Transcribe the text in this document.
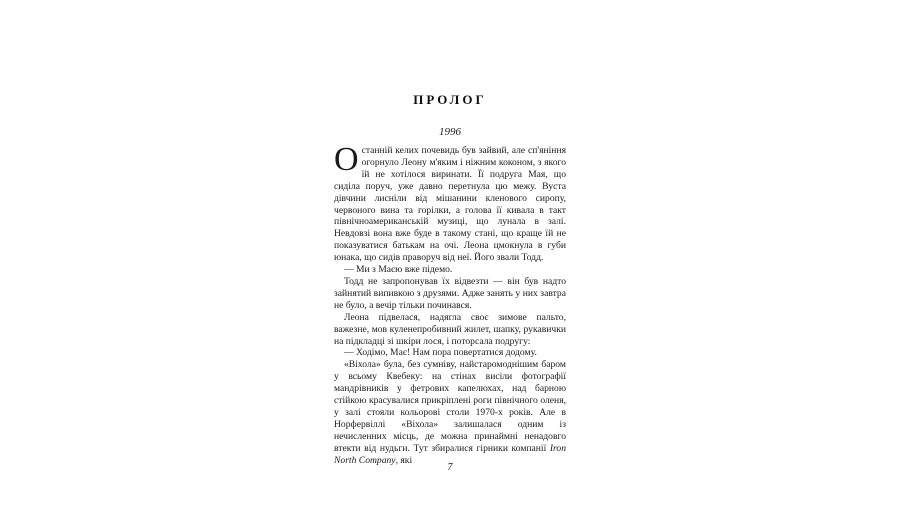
ПРОЛОГ
1996

Останній келих почевидь був зайвий, але сп'яніння огорнуло Леону м'яким і ніжним коконом, з якого їй не хотілося виринати. Її подруга Мая, що сиділа поруч, уже давно перетнула цю межу. Вуста дівчини лисніли від мішанини кленового сиропу, червоного вина та горілки, а голова її кивала в такт північноамериканській музиці, що лунала в залі. Невдовзі вона вже буде в такому стані, що краще їй не показуватися батькам на очі. Леона цмокнула в губи юнака, що сидів праворуч від неї. Його звали Тодд.

— Ми з Маєю вже підемо.

Тодд не запропонував їх відвезти — він був надто зайнятий випивкою з друзями. Адже занять у них завтра не було, а вечір тільки починався.

Леона підвелася, надягла своє зимове пальто, важезне, мов куленепробивний жилет, шапку, рукавички на підкладці зі шкіри лося, і поторсала подругу:

— Ходімо, Має! Нам пора повертатися додому.

«Віхола» була, без сумніву, найстаромоднішим баром у всьому Квебеку: на стінах висіли фотографії мандрівників у фетрових капелюхах, над барною стійкою красувалися прикріплені роги північного оленя, у залі стояли кольорові столи 1970-х років. Але в Норфервіллі «Віхола» залишалася одним із нечисленних місць, де можна принаймні ненадовго втекти від нудьги. Тут збиралися гірники компанії Iron North Company, які

7
